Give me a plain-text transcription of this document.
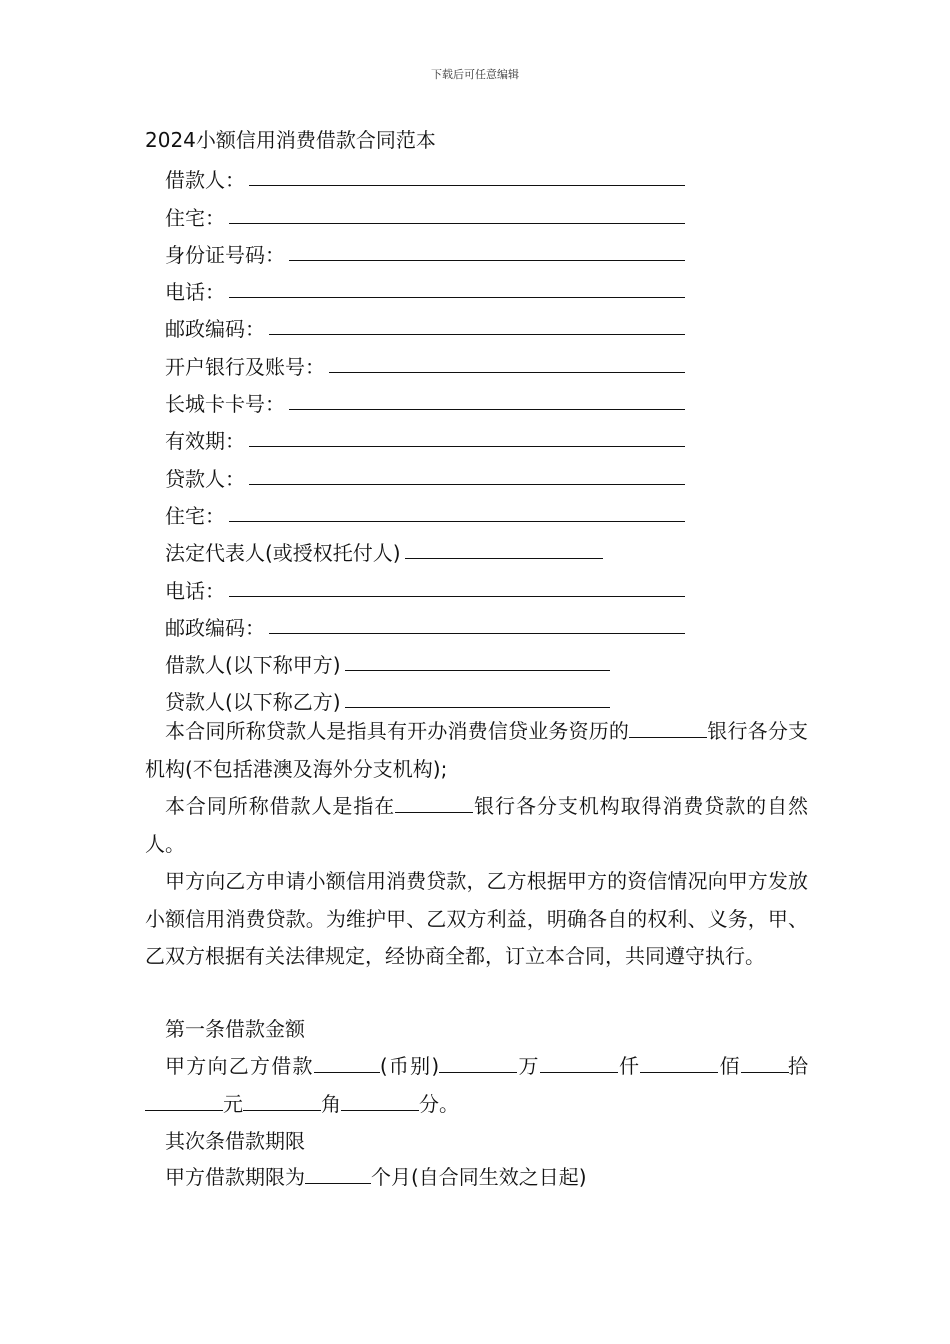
下载后可任意编辑
2024小额信用消费借款合同范本
借款人：
住宅：
身份证号码：
电话：
邮政编码：
开户银行及账号：
长城卡卡号：
有效期：
贷款人：
住宅：
法定代表人(或授权托付人)
电话：
邮政编码：
借款人(以下称甲方)
贷款人(以下称乙方)
本合同所称贷款人是指具有开办消费信贷业务资历的	银行各分支机构(不包括港澳及海外分支机构);
本合同所称借款人是指在	银行各分支机构取得消费贷款的自然人。
甲方向乙方申请小额信用消费贷款，乙方根据甲方的资信情况向甲方发放小额信用消费贷款。为维护甲、乙双方利益，明确各自的权利、义务，甲、乙双方根据有关法律规定，经协商全都，订立本合同，共同遵守执行。
第一条借款金额
甲方向乙方借款	(币别)	万	仟	佰 拾元	角	分。
其次条借款期限
甲方借款期限为	个月(自合同生效之日起)
